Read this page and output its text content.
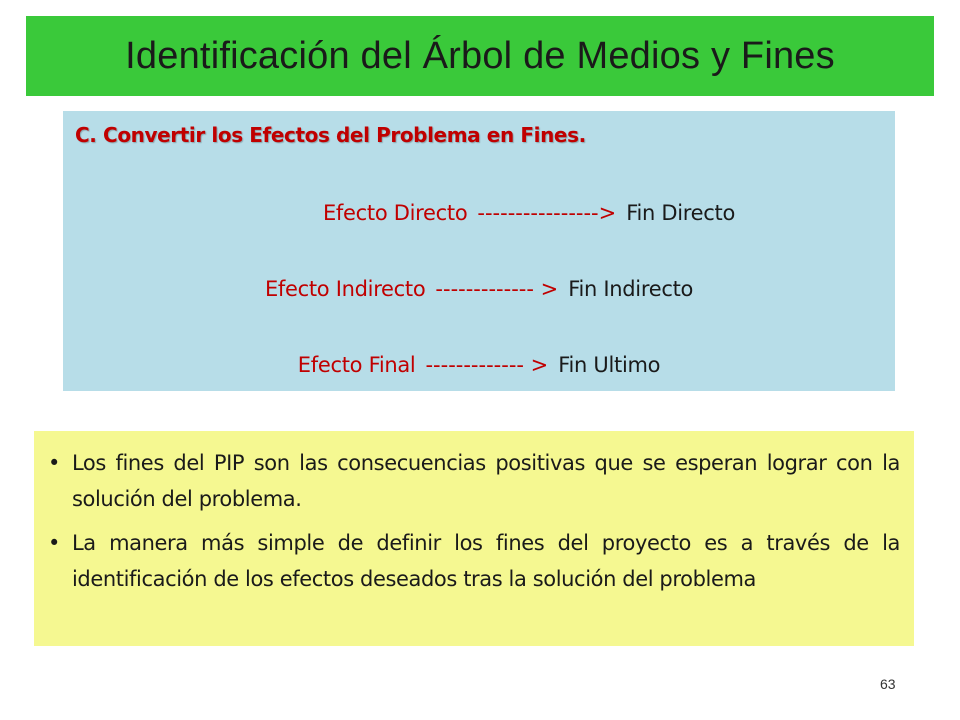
Identificación del Árbol de Medios y Fines
C. Convertir los Efectos del Problema en Fines.
Efecto Directo ----------------> Fin Directo
Efecto Indirecto ------------- > Fin Indirecto
Efecto Final ------------- > Fin Ultimo
• Los fines del PIP son las consecuencias positivas que se esperan lograr con la solución del problema.
• La manera más simple de definir los fines del proyecto es a través de la identificación de los efectos deseados tras la solución del problema
63
